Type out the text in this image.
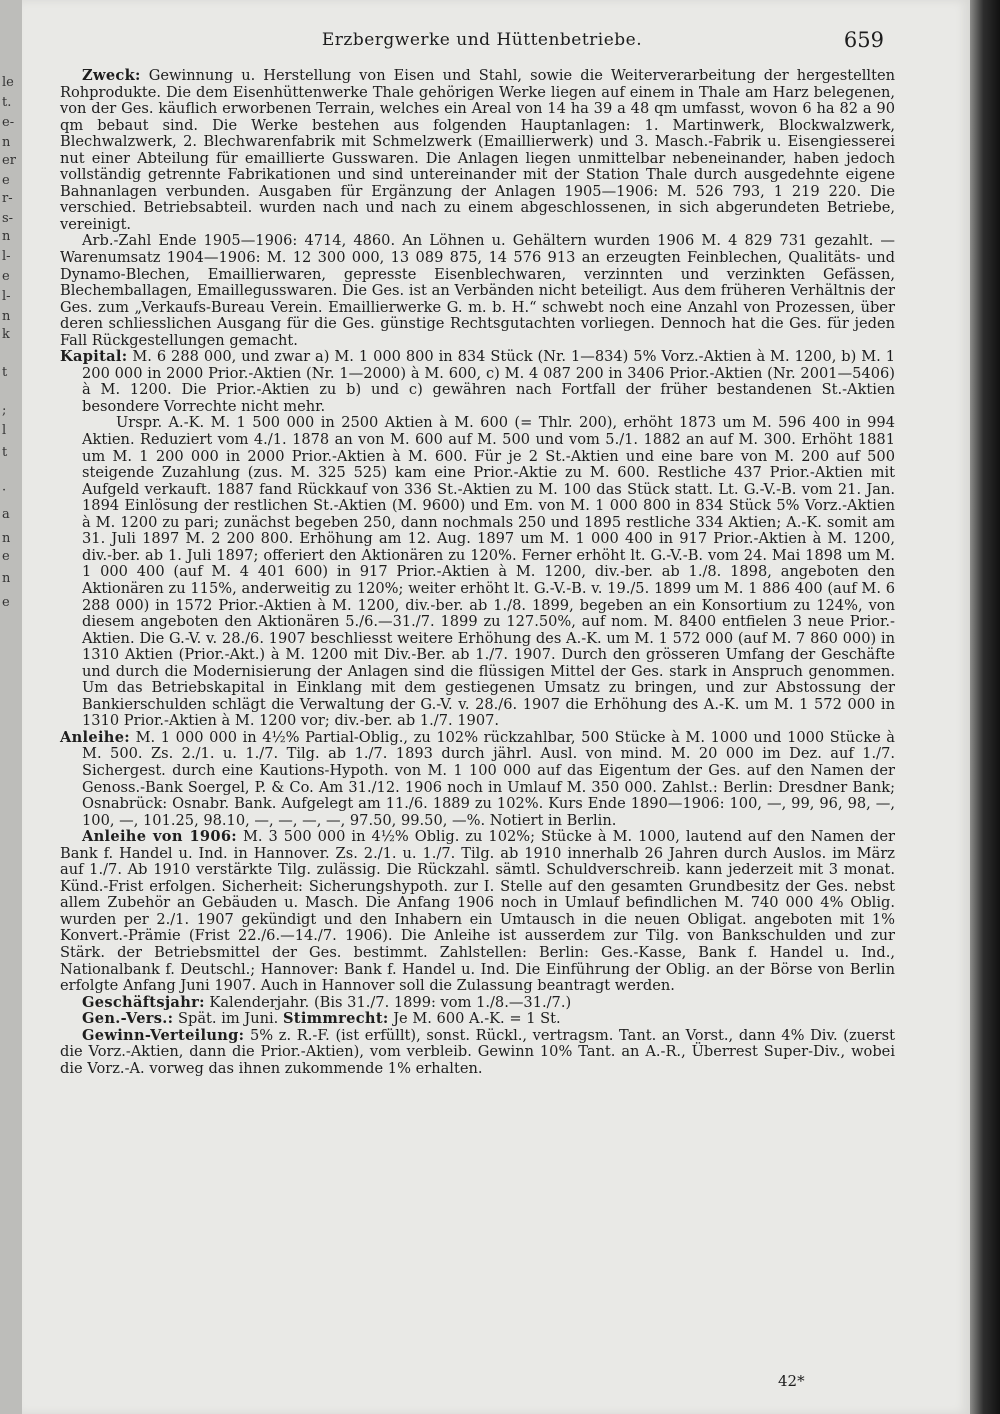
le
t.
e-
n
er
e
r-
s-
n
l-
e
l-
n
k
t
;
l
t
·
a
n
e
n
e
Erzbergwerke und Hüttenbetriebe.	659

Zweck: Gewinnung u. Herstellung von Eisen und Stahl, sowie die Weiterverarbeitung der hergestellten Rohprodukte. Die dem Eisenhüttenwerke Thale gehörigen Werke liegen auf einem in Thale am Harz belegenen, von der Ges. käuflich erworbenen Terrain, welches ein Areal von 14 ha 39 a 48 qm umfasst, wovon 6 ha 82 a 90 qm bebaut sind. Die Werke bestehen aus folgenden Hauptanlagen: 1. Martinwerk, Blockwalzwerk, Blechwalzwerk, 2. Blechwarenfabrik mit Schmelzwerk (Emaillierwerk) und 3. Masch.-Fabrik u. Eisengiesserei nut einer Abteilung für emaillierte Gusswaren. Die Anlagen liegen unmittelbar nebeneinander, haben jedoch vollständig getrennte Fabrikationen und sind untereinander mit der Station Thale durch ausgedehnte eigene Bahnanlagen verbunden. Ausgaben für Ergänzung der Anlagen 1905—1906: M. 526 793, 1 219 220. Die verschied. Betriebsabteil. wurden nach und nach zu einem abgeschlossenen, in sich abgerundeten Betriebe, vereinigt.

Arb.-Zahl Ende 1905—1906: 4714, 4860. An Löhnen u. Gehältern wurden 1906 M. 4 829 731 gezahlt. — Warenumsatz 1904—1906: M. 12 300 000, 13 089 875, 14 576 913 an erzeugten Feinblechen, Qualitäts- und Dynamo-Blechen, Emaillierwaren, gepresste Eisenblechwaren, verzinnten und verzinkten Gefässen, Blechemballagen, Emaillegusswaren. Die Ges. ist an Verbänden nicht beteiligt. Aus dem früheren Verhältnis der Ges. zum „Verkaufs-Bureau Verein. Emaillierwerke G. m. b. H.“ schwebt noch eine Anzahl von Prozessen, über deren schliesslichen Ausgang für die Ges. günstige Rechtsgutachten vorliegen. Dennoch hat die Ges. für jeden Fall Rückgestellungen gemacht.

Kapital: M. 6 288 000, und zwar a) M. 1 000 800 in 834 Stück (Nr. 1—834) 5% Vorz.-Aktien à M. 1200, b) M. 1 200 000 in 2000 Prior.-Aktien (Nr. 1—2000) à M. 600, c) M. 4 087 200 in 3406 Prior.-Aktien (Nr. 2001—5406) à M. 1200. Die Prior.-Aktien zu b) und c) gewähren nach Fortfall der früher bestandenen St.-Aktien besondere Vorrechte nicht mehr.

Urspr. A.-K. M. 1 500 000 in 2500 Aktien à M. 600 (= Thlr. 200), erhöht 1873 um M. 596 400 in 994 Aktien. Reduziert vom 4./1. 1878 an von M. 600 auf M. 500 und vom 5./1. 1882 an auf M. 300. Erhöht 1881 um M. 1 200 000 in 2000 Prior.-Aktien à M. 600. Für je 2 St.-Aktien und eine bare von M. 200 auf 500 steigende Zuzahlung (zus. M. 325 525) kam eine Prior.-Aktie zu M. 600. Restliche 437 Prior.-Aktien mit Aufgeld verkauft. 1887 fand Rückkauf von 336 St.-Aktien zu M. 100 das Stück statt. Lt. G.-V.-B. vom 21. Jan. 1894 Einlösung der restlichen St.-Aktien (M. 9600) und Em. von M. 1 000 800 in 834 Stück 5% Vorz.-Aktien à M. 1200 zu pari; zunächst begeben 250, dann nochmals 250 und 1895 restliche 334 Aktien; A.-K. somit am 31. Juli 1897 M. 2 200 800. Erhöhung am 12. Aug. 1897 um M. 1 000 400 in 917 Prior.-Aktien à M. 1200, div.-ber. ab 1. Juli 1897; offeriert den Aktionären zu 120%. Ferner erhöht lt. G.-V.-B. vom 24. Mai 1898 um M. 1 000 400 (auf M. 4 401 600) in 917 Prior.-Aktien à M. 1200, div.-ber. ab 1./8. 1898, angeboten den Aktionären zu 115%, anderweitig zu 120%; weiter erhöht lt. G.-V.-B. v. 19./5. 1899 um M. 1 886 400 (auf M. 6 288 000) in 1572 Prior.-Aktien à M. 1200, div.-ber. ab 1./8. 1899, begeben an ein Konsortium zu 124%, von diesem angeboten den Aktionären 5./6.—31./7. 1899 zu 127.50%, auf nom. M. 8400 entfielen 3 neue Prior.-Aktien. Die G.-V. v. 28./6. 1907 beschliesst weitere Erhöhung des A.-K. um M. 1 572 000 (auf M. 7 860 000) in 1310 Aktien (Prior.-Akt.) à M. 1200 mit Div.-Ber. ab 1./7. 1907. Durch den grösseren Umfang der Geschäfte und durch die Modernisierung der Anlagen sind die flüssigen Mittel der Ges. stark in Anspruch genommen. Um das Betriebskapital in Einklang mit dem gestiegenen Umsatz zu bringen, und zur Abstossung der Bankierschulden schlägt die Verwaltung der G.-V. v. 28./6. 1907 die Erhöhung des A.-K. um M. 1 572 000 in 1310 Prior.-Aktien à M. 1200 vor; div.-ber. ab 1./7. 1907.

Anleihe: M. 1 000 000 in 4½% Partial-Oblig., zu 102% rückzahlbar, 500 Stücke à M. 1000 und 1000 Stücke à M. 500. Zs. 2./1. u. 1./7. Tilg. ab 1./7. 1893 durch jährl. Ausl. von mind. M. 20 000 im Dez. auf 1./7. Sichergest. durch eine Kautions-Hypoth. von M. 1 100 000 auf das Eigentum der Ges. auf den Namen der Genoss.-Bank Soergel, P. & Co. Am 31./12. 1906 noch in Umlauf M. 350 000. Zahlst.: Berlin: Dresdner Bank; Osnabrück: Osnabr. Bank. Aufgelegt am 11./6. 1889 zu 102%. Kurs Ende 1890—1906: 100, —, 99, 96, 98, —, 100, —, 101.25, 98.10, —, —, —, —, 97.50, 99.50, —%. Notiert in Berlin.

Anleihe von 1906: M. 3 500 000 in 4½% Oblig. zu 102%; Stücke à M. 1000, lautend auf den Namen der Bank f. Handel u. Ind. in Hannover. Zs. 2./1. u. 1./7. Tilg. ab 1910 innerhalb 26 Jahren durch Auslos. im März auf 1./7. Ab 1910 verstärkte Tilg. zulässig. Die Rückzahl. sämtl. Schuldverschreib. kann jederzeit mit 3 monat. Künd.-Frist erfolgen. Sicherheit: Sicherungshypoth. zur I. Stelle auf den gesamten Grundbesitz der Ges. nebst allem Zubehör an Gebäuden u. Masch. Die Anfang 1906 noch in Umlauf befindlichen M. 740 000 4% Oblig. wurden per 2./1. 1907 gekündigt und den Inhabern ein Umtausch in die neuen Obligat. angeboten mit 1% Konvert.-Prämie (Frist 22./6.—14./7. 1906). Die Anleihe ist ausserdem zur Tilg. von Bankschulden und zur Stärk. der Betriebsmittel der Ges. bestimmt. Zahlstellen: Berlin: Ges.-Kasse, Bank f. Handel u. Ind., Nationalbank f. Deutschl.; Hannover: Bank f. Handel u. Ind. Die Einführung der Oblig. an der Börse von Berlin erfolgte Anfang Juni 1907. Auch in Hannover soll die Zulassung beantragt werden.

Geschäftsjahr: Kalenderjahr. (Bis 31./7. 1899: vom 1./8.—31./7.)

Gen.-Vers.: Spät. im Juni. Stimmrecht: Je M. 600 A.-K. = 1 St.

Gewinn-Verteilung: 5% z. R.-F. (ist erfüllt), sonst. Rückl., vertragsm. Tant. an Vorst., dann 4% Div. (zuerst die Vorz.-Aktien, dann die Prior.-Aktien), vom verbleib. Gewinn 10% Tant. an A.-R., Überrest Super-Div., wobei die Vorz.-A. vorweg das ihnen zukommende 1% erhalten.

42*
